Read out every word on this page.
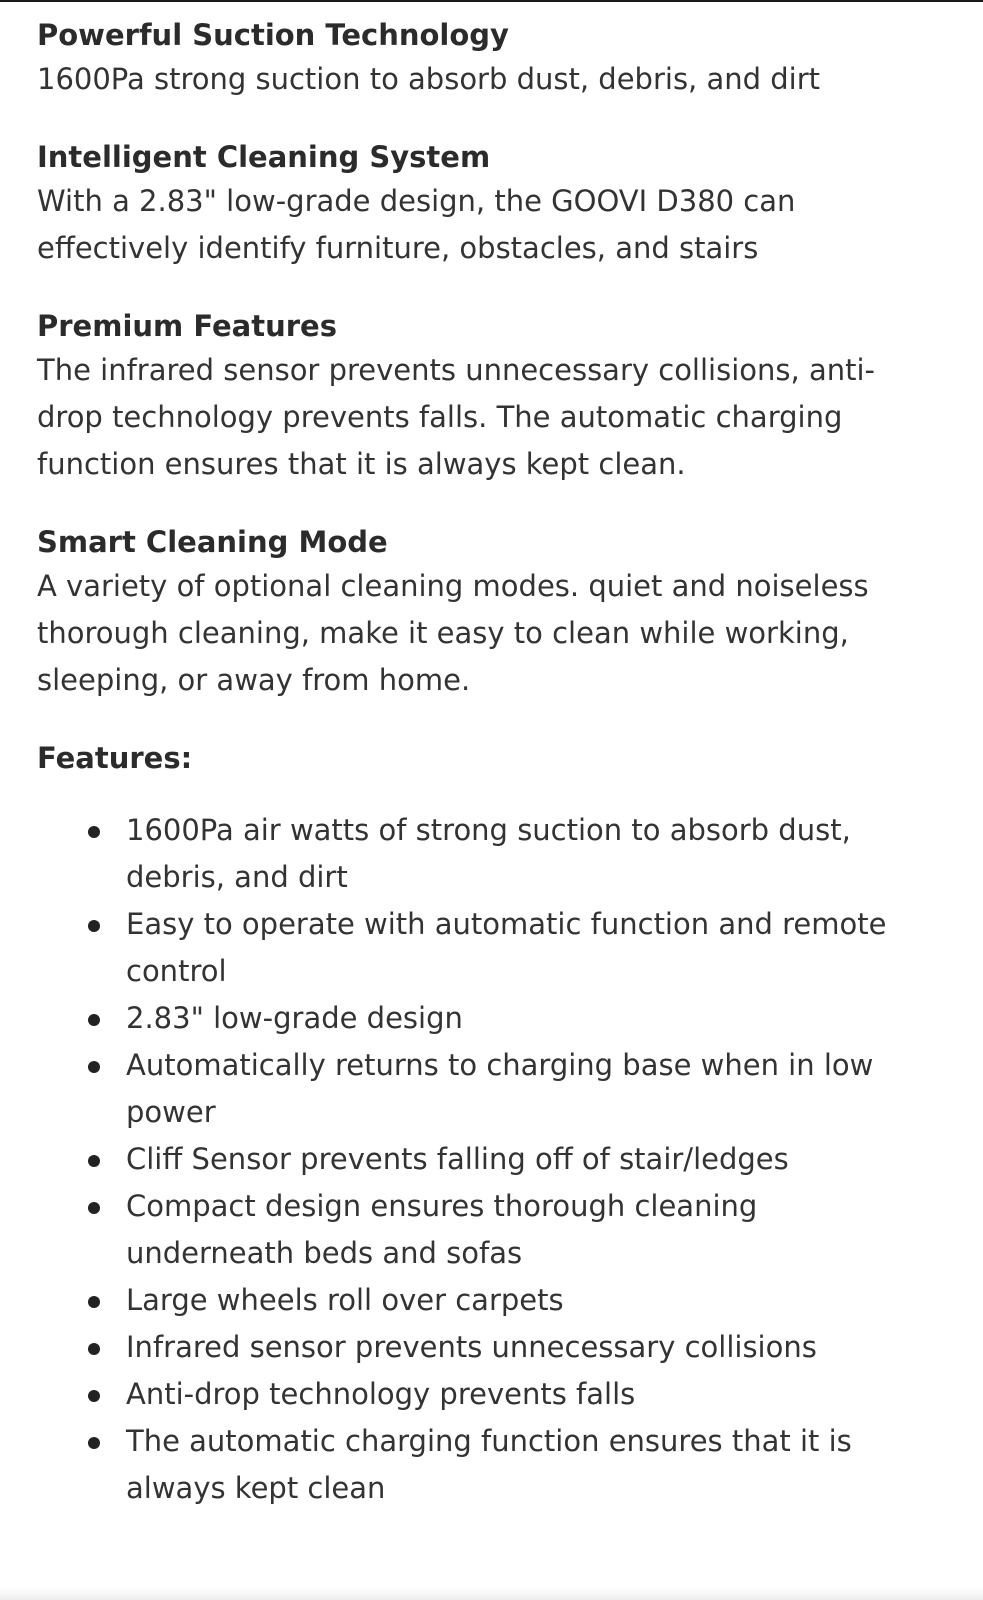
Powerful Suction Technology

1600Pa strong suction to absorb dust, debris, and dirt

Intelligent Cleaning System

With a 2.83" low-grade design, the GOOVI D380 can effectively identify furniture, obstacles, and stairs

Premium Features

The infrared sensor prevents unnecessary collisions, anti-drop technology prevents falls. The automatic charging function ensures that it is always kept clean.

Smart Cleaning Mode

A variety of optional cleaning modes. quiet and noiseless thorough cleaning, make it easy to clean while working, sleeping, or away from home.

Features:

1600Pa air watts of strong suction to absorb dust, debris, and dirt
Easy to operate with automatic function and remote control
2.83" low-grade design
Automatically returns to charging base when in low power
Cliff Sensor prevents falling off of stair/ledges
Compact design ensures thorough cleaning underneath beds and sofas
Large wheels roll over carpets
Infrared sensor prevents unnecessary collisions
Anti-drop technology prevents falls
The automatic charging function ensures that it is always kept clean
